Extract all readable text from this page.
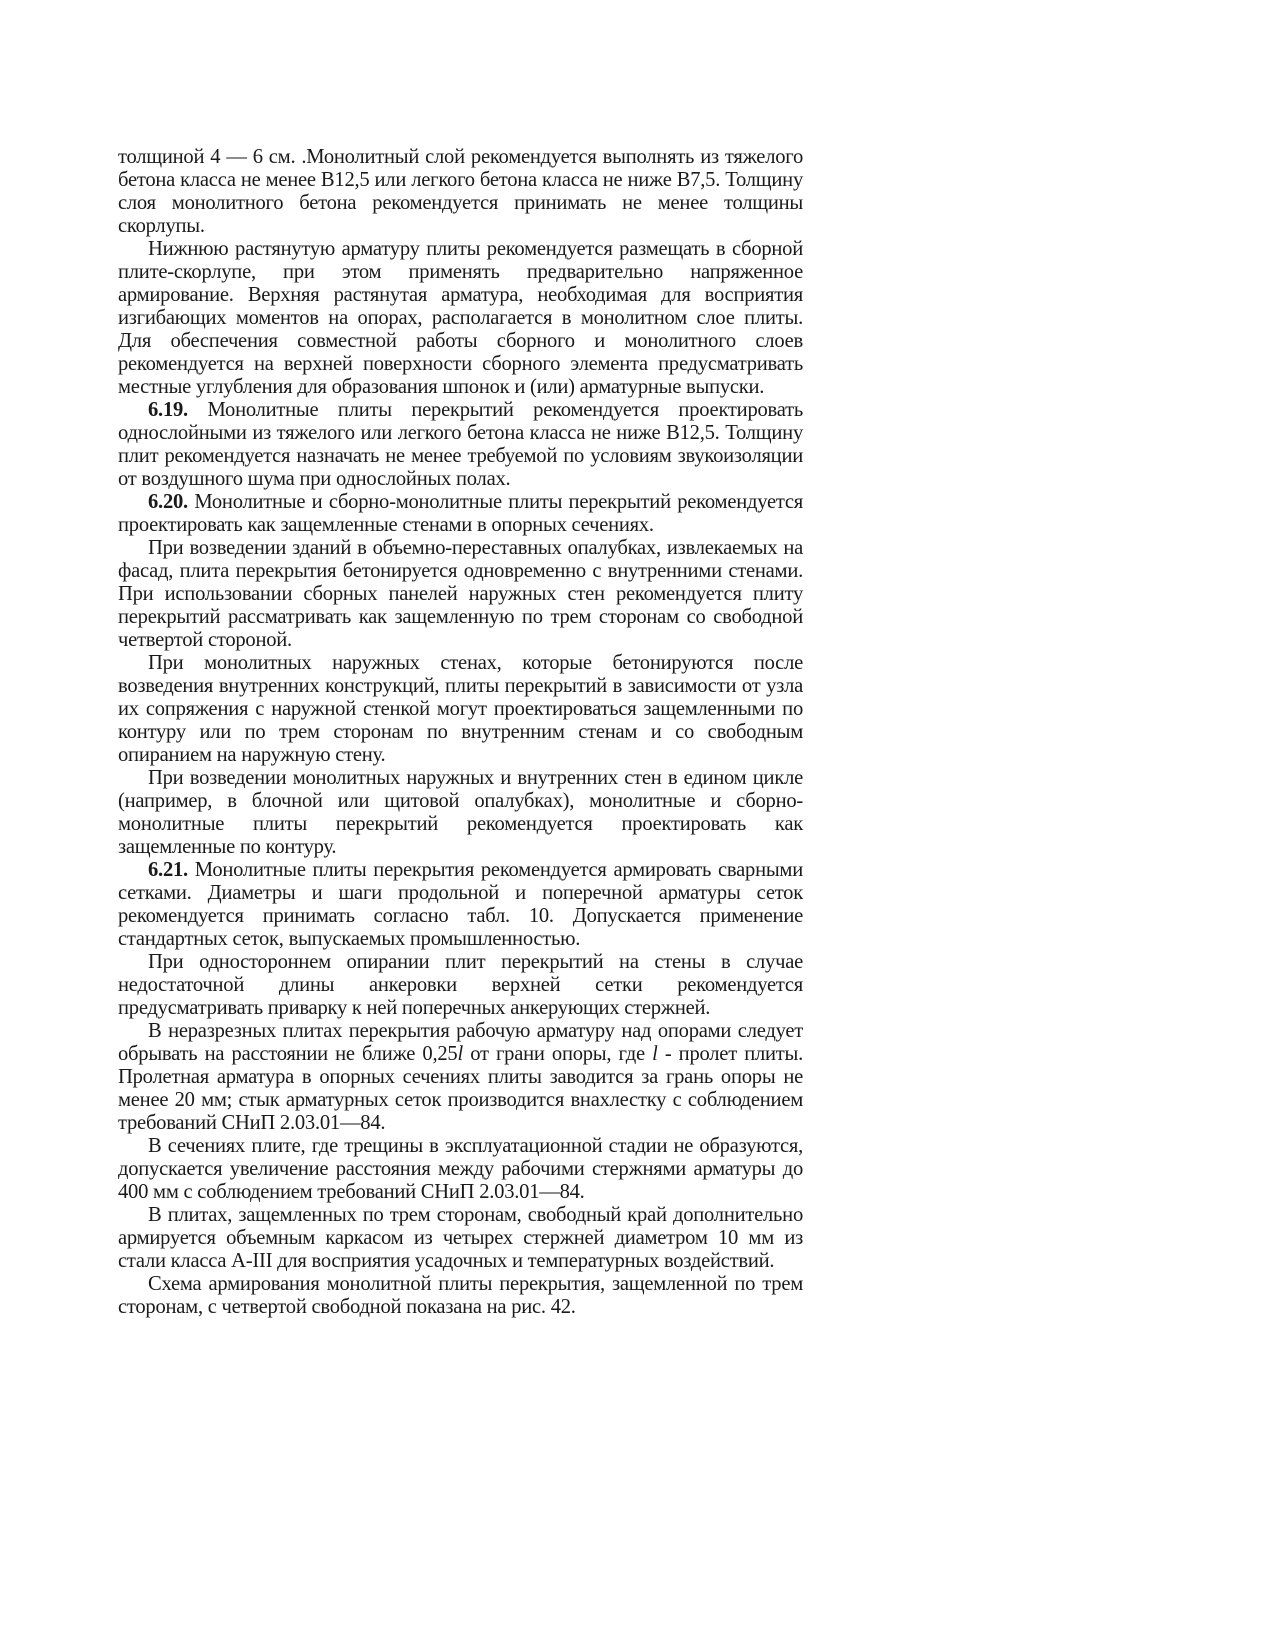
толщиной 4 — 6 см. .Монолитный слой рекомендуется выполнять из тяжелого бетона класса не менее В12,5 или легкого бетона класса не ниже В7,5. Толщину слоя монолитного бетона рекомендуется принимать не менее толщины скорлупы.

Нижнюю растянутую арматуру плиты рекомендуется размещать в сборной плите-скорлупе, при этом применять предварительно напряженное армирование. Верхняя растянутая арматура, необходимая для восприятия изгибающих моментов на опорах, располагается в монолитном слое плиты. Для обеспечения совместной работы сборного и монолитного слоев рекомендуется на верхней поверхности сборного элемента предусматривать местные углубления для образования шпонок и (или) арматурные выпуски.

6.19. Монолитные плиты перекрытий рекомендуется проектировать однослойными из тяжелого или легкого бетона класса не ниже В12,5. Толщину плит рекомендуется назначать не менее требуемой по условиям звукоизоляции от воздушного шума при однослойных полах.

6.20. Монолитные и сборно-монолитные плиты перекрытий рекомендуется проектировать как защемленные стенами в опорных сечениях.

При возведении зданий в объемно-переставных опалубках, извлекаемых на фасад, плита перекрытия бетонируется одновременно с внутренними стенами. При использовании сборных панелей наружных стен рекомендуется плиту перекрытий рассматривать как защемленную по трем сторонам со свободной четвертой стороной.

При монолитных наружных стенах, которые бетонируются после возведения внутренних конструкций, плиты перекрытий в зависимости от узла их сопряжения с наружной стенкой могут проектироваться защемленными по контуру или по трем сторонам по внутренним стенам и со свободным опиранием на наружную стену.

При возведении монолитных наружных и внутренних стен в едином цикле (например, в блочной или щитовой опалубках), монолитные и сборно-монолитные плиты перекрытий рекомендуется проектировать как защемленные по контуру.

6.21. Монолитные плиты перекрытия рекомендуется армировать сварными сетками. Диаметры и шаги продольной и поперечной арматуры сеток рекомендуется принимать согласно табл. 10. Допускается применение стандартных сеток, выпускаемых промышленностью.

При одностороннем опирании плит перекрытий на стены в случае недостаточной длины анкеровки верхней сетки рекомендуется предусматривать приварку к ней поперечных анкерующих стержней.

В неразрезных плитах перекрытия рабочую арматуру над опорами следует обрывать на расстоянии не ближе 0,25l от грани опоры, где l - пролет плиты. Пролетная арматура в опорных сечениях плиты заводится за грань опоры не менее 20 мм; стык арматурных сеток производится внахлестку с соблюдением требований СНиП 2.03.01—84.

В сечениях плите, где трещины в эксплуатационной стадии не образуются, допускается увеличение расстояния между рабочими стержнями арматуры до 400 мм с соблюдением требований СНиП 2.03.01—84.

В плитах, защемленных по трем сторонам, свободный край дополнительно армируется объемным каркасом из четырех стержней диаметром 10 мм из стали класса А-III для восприятия усадочных и температурных воздействий.

Схема армирования монолитной плиты перекрытия, защемленной по трем сторонам, с четвертой свободной показана на рис. 42.
